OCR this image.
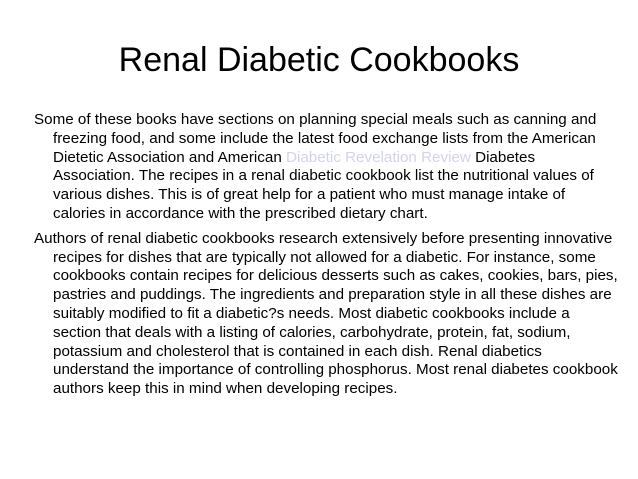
Renal Diabetic Cookbooks

Some of these books have sections on planning special meals such as canning and freezing food, and some include the latest food exchange lists from the American Dietetic Association and American Diabetic Revelation Review Diabetes Association. The recipes in a renal diabetic cookbook list the nutritional values of various dishes. This is of great help for a patient who must manage intake of calories in accordance with the prescribed dietary chart.

Authors of renal diabetic cookbooks research extensively before presenting innovative recipes for dishes that are typically not allowed for a diabetic. For instance, some cookbooks contain recipes for delicious desserts such as cakes, cookies, bars, pies, pastries and puddings. The ingredients and preparation style in all these dishes are suitably modified to fit a diabetic?s needs. Most diabetic cookbooks include a section that deals with a listing of calories, carbohydrate, protein, fat, sodium, potassium and cholesterol that is contained in each dish. Renal diabetics understand the importance of controlling phosphorus. Most renal diabetes cookbook authors keep this in mind when developing recipes.
